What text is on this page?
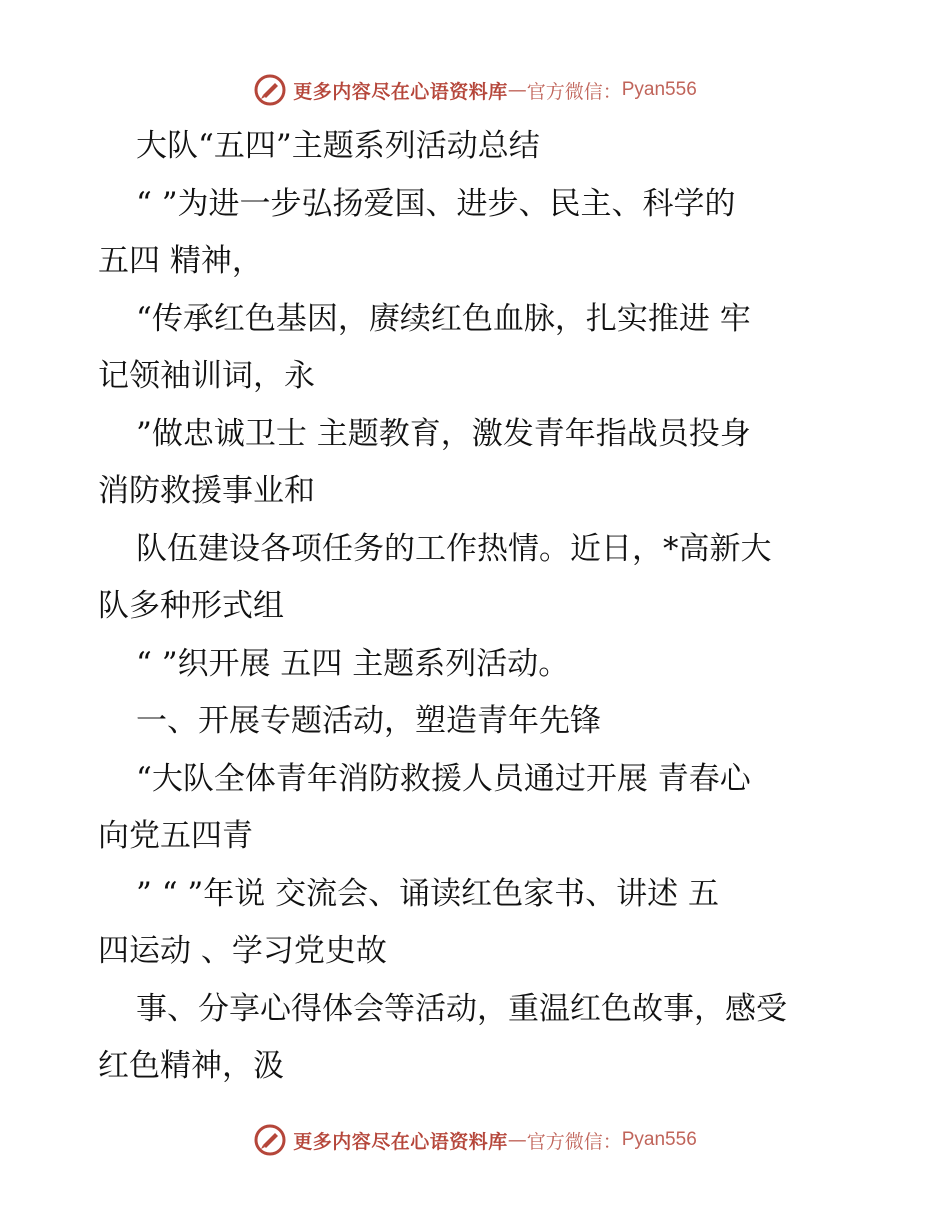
更多内容尽在心语资料库 — 官方微信： Pyan556
大队“五四”主题系列活动总结
“ ”为进一步弘扬爱国、进步、民主、科学的
五四 精神，
“传承红色基因，赓续红色血脉，扎实推进 牢
记领袖训词，永
”做忠诚卫士 主题教育，激发青年指战员投身
消防救援事业和
队伍建设各项任务的工作热情。近日，*高新大
队多种形式组
“ ”织开展 五四 主题系列活动。
一、开展专题活动，塑造青年先锋
“大队全体青年消防救援人员通过开展 青春心
向党五四青
” “ ”年说 交流会、诵读红色家书、讲述 五
四运动 、学习党史故
事、分享心得体会等活动，重温红色故事，感受
红色精神，汲
更多内容尽在心语资料库 — 官方微信： Pyan556
